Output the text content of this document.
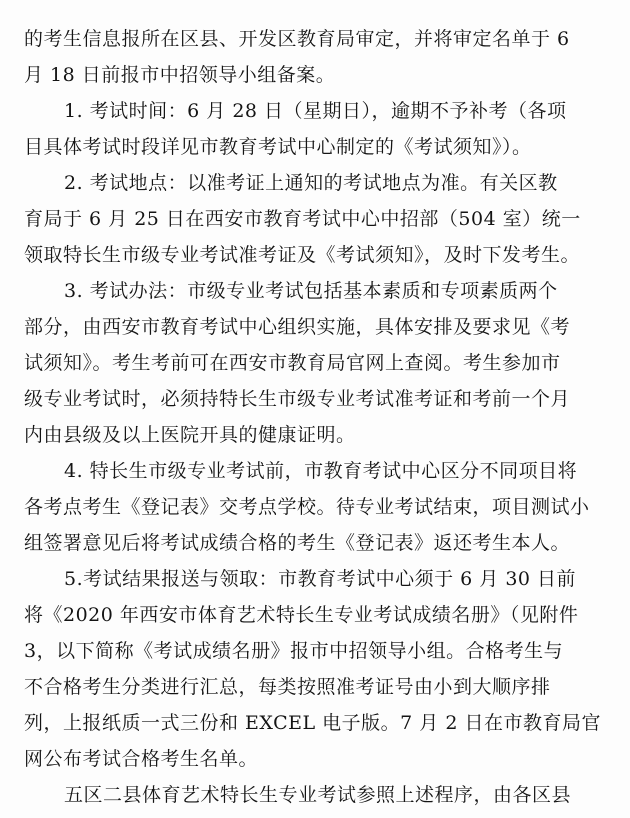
的考生信息报所在区县、开发区教育局审定，并将审定名单于 6
月 18 日前报市中招领导小组备案。
1. 考试时间：6 月 28 日（星期日），逾期不予补考（各项
目具体考试时段详见市教育考试中心制定的《考试须知》）。
2. 考试地点：以准考证上通知的考试地点为准。有关区教
育局于 6 月 25 日在西安市教育考试中心中招部（504 室）统一
领取特长生市级专业考试准考证及《考试须知》，及时下发考生。
3. 考试办法：市级专业考试包括基本素质和专项素质两个
部分，由西安市教育考试中心组织实施，具体安排及要求见《考
试须知》。考生考前可在西安市教育局官网上查阅。考生参加市
级专业考试时，必须持特长生市级专业考试准考证和考前一个月
内由县级及以上医院开具的健康证明。
4. 特长生市级专业考试前，市教育考试中心区分不同项目将
各考点考生《登记表》交考点学校。待专业考试结束，项目测试小
组签署意见后将考试成绩合格的考生《登记表》返还考生本人。
5.考试结果报送与领取：市教育考试中心须于 6 月 30 日前
将《2020 年西安市体育艺术特长生专业考试成绩名册》（见附件
3，以下简称《考试成绩名册》报市中招领导小组。合格考生与
不合格考生分类进行汇总，每类按照准考证号由小到大顺序排
列，上报纸质一式三份和 EXCEL 电子版。7 月 2 日在市教育局官
网公布考试合格考生名单。
五区二县体育艺术特长生专业考试参照上述程序，由各区县
